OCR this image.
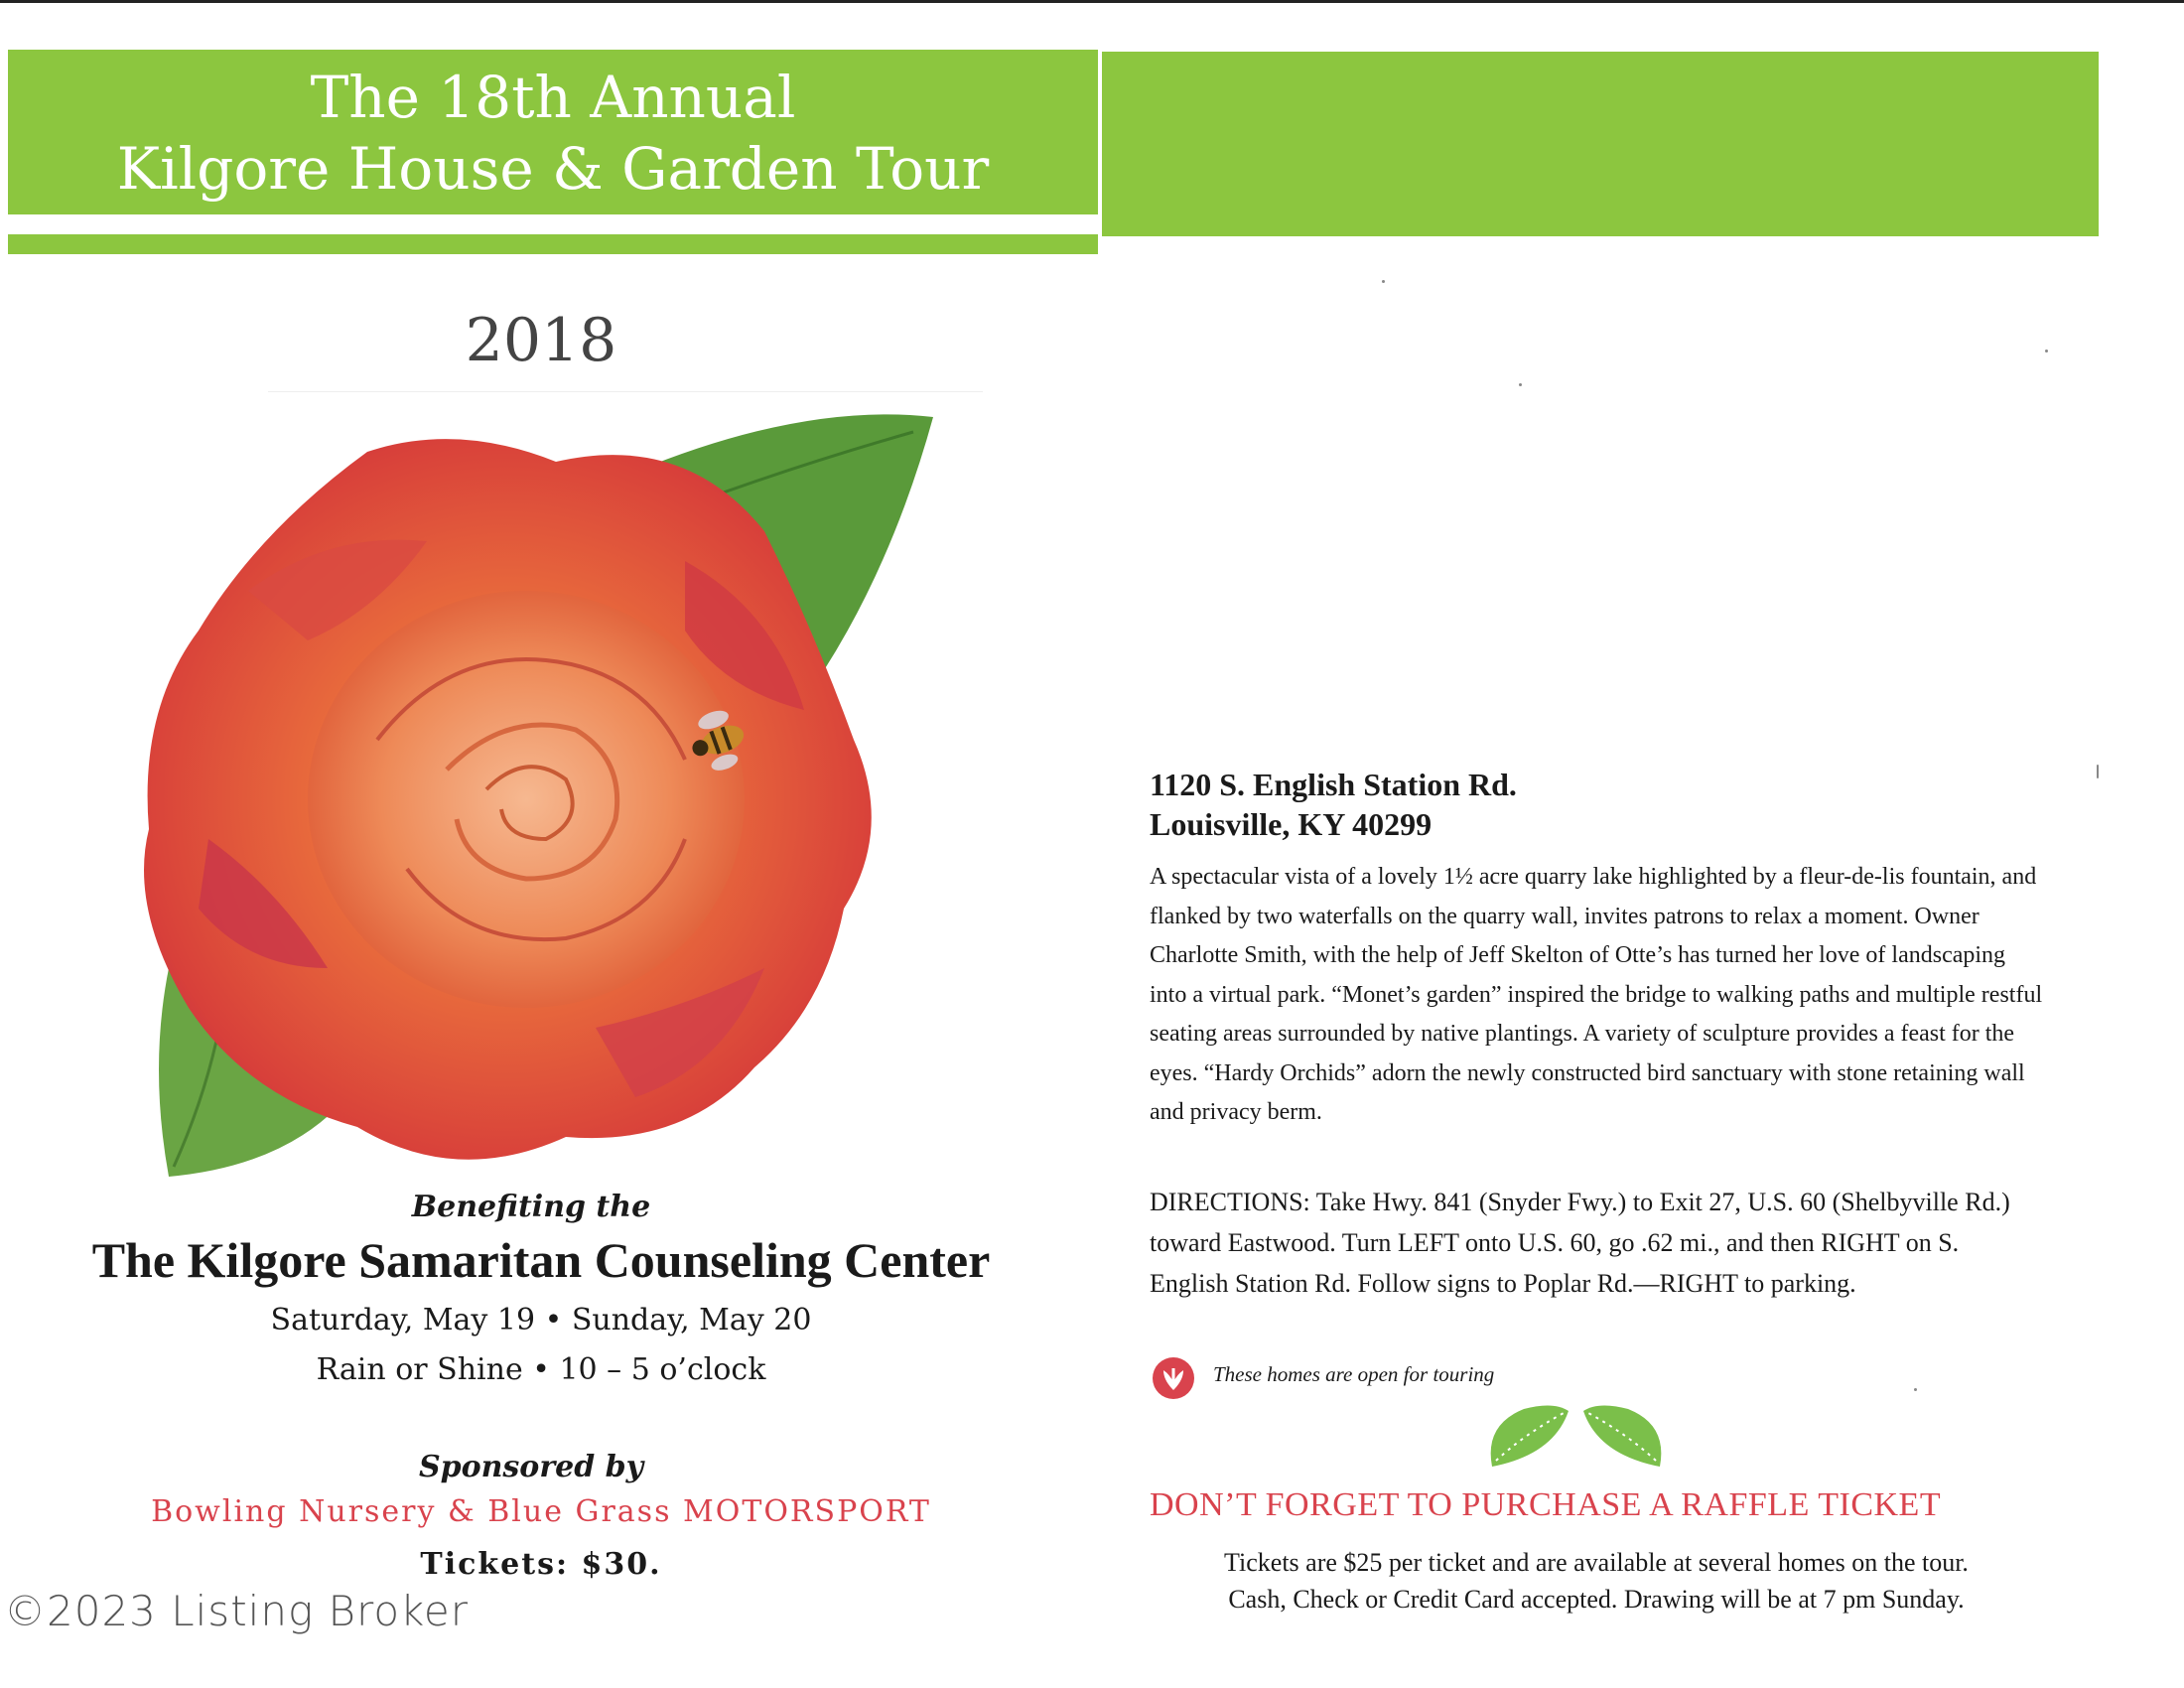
The 18th Annual
Kilgore House & Garden Tour
2018
Benefiting the
The Kilgore Samaritan Counseling Center
Saturday, May 19 • Sunday, May 20
Rain or Shine • 10 – 5 o’clock
Sponsored by
Bowling Nursery & Blue Grass MOTORSPORT
Tickets: $30.
©2023 Listing Broker
1120 S. English Station Rd.
Louisville, KY 40299
A spectacular vista of a lovely 1½ acre quarry lake highlighted by a fleur-de-lis fountain, and flanked by two waterfalls on the quarry wall, invites patrons to relax a moment. Owner Charlotte Smith, with the help of Jeff Skelton of Otte’s has turned her love of landscaping into a virtual park. “Monet’s garden” inspired the bridge to walking paths and multiple restful seating areas surrounded by native plantings. A variety of sculpture provides a feast for the eyes. “Hardy Orchids” adorn the newly constructed bird sanctuary with stone retaining wall and privacy berm.
DIRECTIONS: Take Hwy. 841 (Snyder Fwy.) to Exit 27, U.S. 60 (Shelbyville Rd.) toward Eastwood. Turn LEFT onto U.S. 60, go .62 mi., and then RIGHT on S. English Station Rd. Follow signs to Poplar Rd.—RIGHT to parking.
These homes are open for touring
DON’T FORGET TO PURCHASE A RAFFLE TICKET
Tickets are $25 per ticket and are available at several homes on the tour.
Cash, Check or Credit Card accepted. Drawing will be at 7 pm Sunday.
